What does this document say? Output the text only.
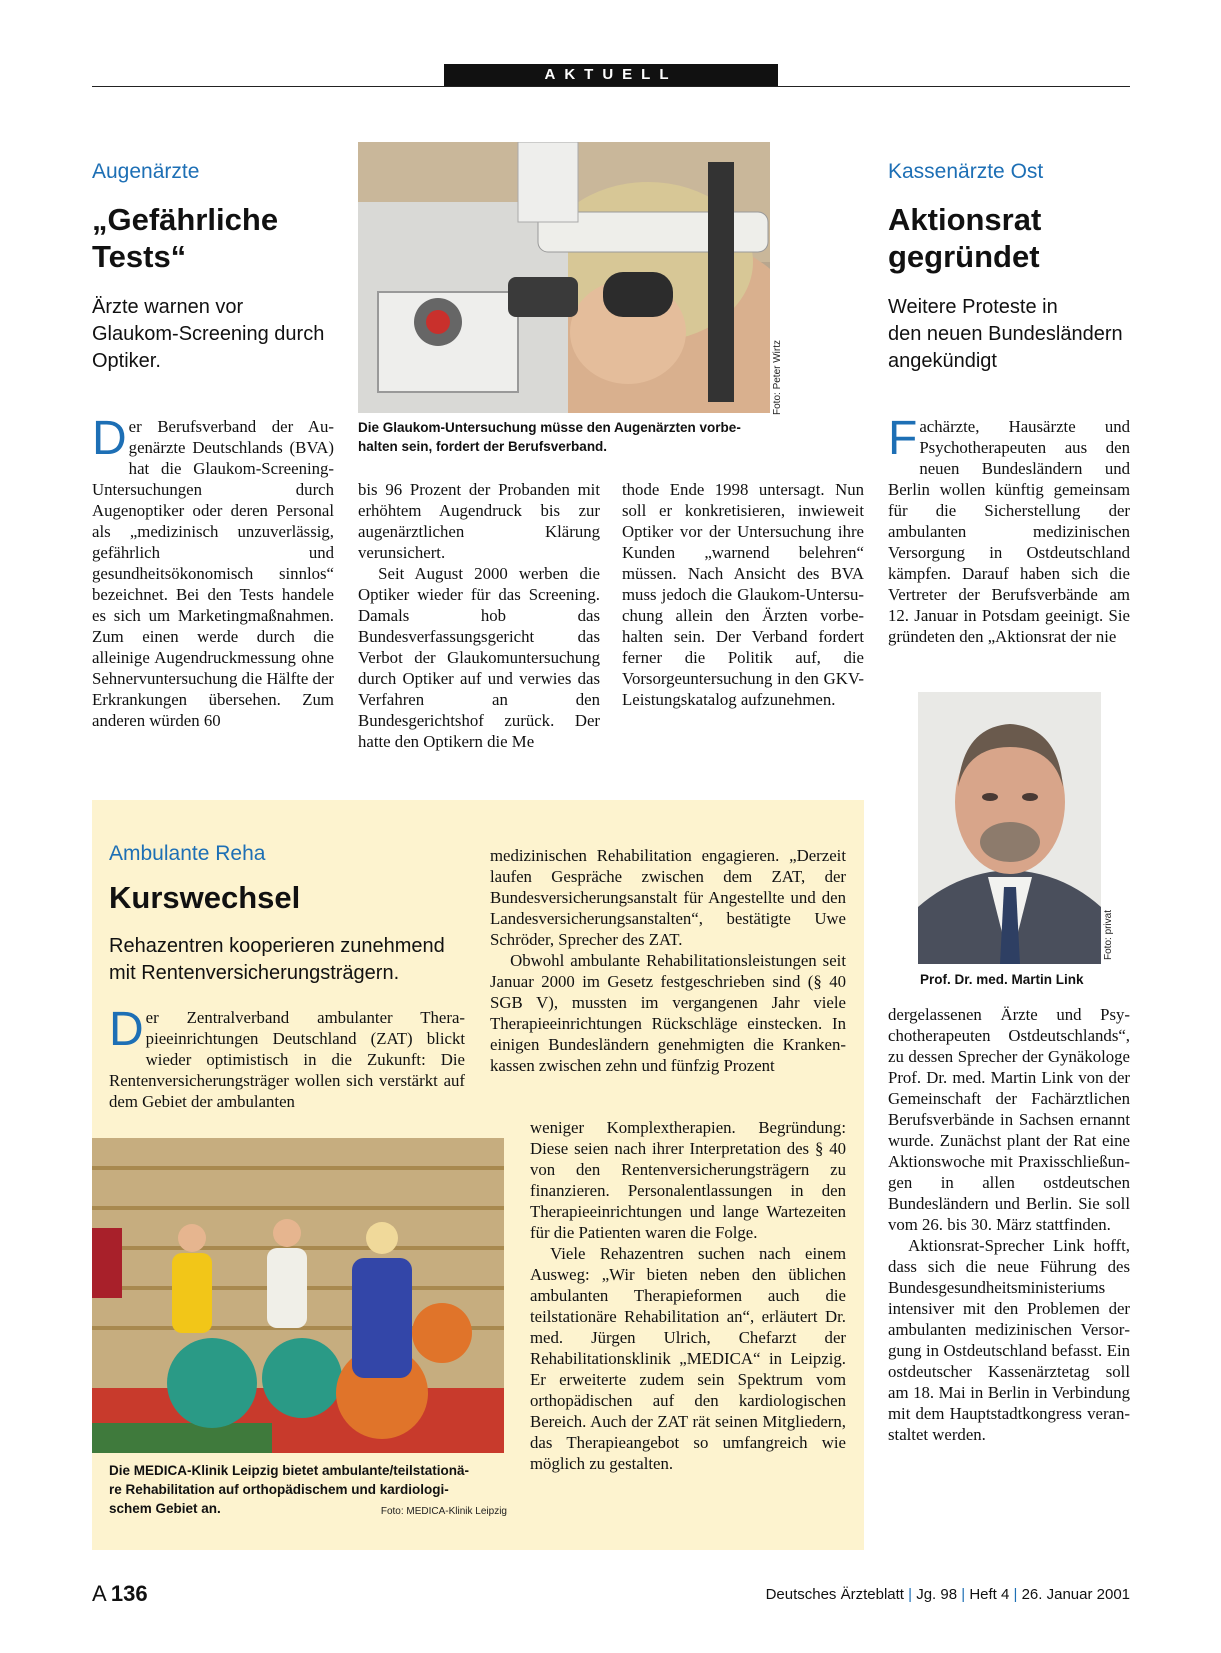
AKTUELL
Augenärzte
„Gefährliche
Tests“
Ärzte warnen vor
Glaukom-Screening durch
Optiker.	Foto: Peter Wirtz
Die Glaukom-Untersuchung müsse den Augenärzten vorbe-
halten sein, fordert der Berufsverband.

Der Berufsverband der Augenärzte Deutschlands (BVA) hat die Glaukom-Screening-Untersuchungen durch Augenoptiker oder deren Personal als „medizinisch unzuverlässig, gefährlich und gesundheitsökonomisch sinnlos“ bezeichnet. Bei den Tests handele es sich um Marketingmaßnahmen. Zum einen werde durch die alleinige Augendruckmessung ohne Sehnervuntersuchung die Hälfte der Erkrankungen übersehen. Zum anderen würden 60

bis 96 Prozent der Probanden mit erhöhtem Augendruck bis zur augenärztlichen Klärung verunsichert.

Seit August 2000 werben die Optiker wieder für das Screening. Damals hob das Bundesverfassungsgericht das Verbot der Glaukomuntersuchung durch Optiker auf und verwies das Verfahren an den Bundesgerichtshof zurück. Der hatte den Optikern die Me

thode Ende 1998 untersagt. Nun soll er konkretisieren, inwieweit Optiker vor der Untersuchung ihre Kunden „warnend belehren“ müssen. Nach Ansicht des BVA muss jedoch die Glaukom-Untersuchung allein den Ärzten vorbehalten sein. Der Verband fordert ferner die Politik auf, die Vorsorgeuntersuchung in den GKV-Leistungskatalog aufzunehmen.

Kassenärzte Ost
Aktionsrat
gegründet
Weitere Proteste in
den neuen Bundesländern
angekündigt

Fachärzte, Hausärzte und Psychotherapeuten aus den neuen Bundesländern und Berlin wollen künftig gemeinsam für die Sicherstellung der ambulanten medizinischen Versorgung in Ostdeutschland kämpfen. Darauf haben sich die Vertreter der Berufsverbände am 12. Januar in Potsdam geeinigt. Sie gründeten den „Aktionsrat der nie

Foto: privat
Prof. Dr. med. Martin Link

dergelassenen Ärzte und Psychotherapeuten Ostdeutschlands“, zu dessen Sprecher der Gynäkologe Prof. Dr. med. Martin Link von der Gemeinschaft der Fachärztlichen Berufsverbände in Sachsen ernannt wurde. Zunächst plant der Rat eine Aktionswoche mit Praxisschließungen in allen ostdeutschen Bundesländern und Berlin. Sie soll vom 26. bis 30. März stattfinden.

Aktionsrat-Sprecher Link hofft, dass sich die neue Führung des Bundesgesundheitsministeriums intensiver mit den Problemen der ambulanten medizinischen Versorgung in Ostdeutschland befasst. Ein ostdeutscher Kassenärztetag soll am 18. Mai in Berlin in Verbindung mit dem Hauptstadtkongress veranstaltet werden.

Ambulante Reha
Kurswechsel
Rehazentren kooperieren zunehmend
mit Rentenversicherungsträgern.

Der Zentralverband ambulanter Therapieeinrichtungen Deutschland (ZAT) blickt wieder optimistisch in die Zukunft: Die Rentenversicherungsträger wollen sich verstärkt auf dem Gebiet der ambulanten

medizinischen Rehabilitation engagieren. „Derzeit laufen Gespräche zwischen dem ZAT, der Bundesversicherungsanstalt für Angestellte und den Landesversicherungsanstalten“, bestätigte Uwe Schröder, Sprecher des ZAT.

Obwohl ambulante Rehabilitationsleistungen seit Januar 2000 im Gesetz festgeschrieben sind (§ 40 SGB V), mussten im vergangenen Jahr viele Therapieeinrichtungen Rückschläge einstecken. In einigen Bundesländern genehmigten die Krankenkassen zwischen zehn und fünfzig Prozent

weniger Komplextherapien. Begründung: Diese seien nach ihrer Interpretation des § 40 von den Rentenversicherungsträgern zu finanzieren. Personalentlassungen in den Therapieeinrichtungen und lange Wartezeiten für die Patienten waren die Folge.

Viele Rehazentren suchen nach einem Ausweg: „Wir bieten neben den üblichen ambulanten Therapieformen auch die teilstationäre Rehabilitation an“, erläutert Dr. med. Jürgen Ulrich, Chefarzt der Rehabilitationsklinik „MEDICA“ in Leipzig. Er erweiterte zudem sein Spektrum vom orthopädischen auf den kardiologischen Bereich. Auch der ZAT rät seinen Mitgliedern, das Therapieangebot so umfangreich wie möglich zu gestalten.

Die MEDICA-Klinik Leipzig bietet ambulante/teilstationä-
re Rehabilitation auf orthopädischem und kardiologi-
schem Gebiet an.	Foto: MEDICA-Klinik Leipzig
A 136	Deutsches Ärzteblatt | Jg. 98 | Heft 4 | 26. Januar 2001
